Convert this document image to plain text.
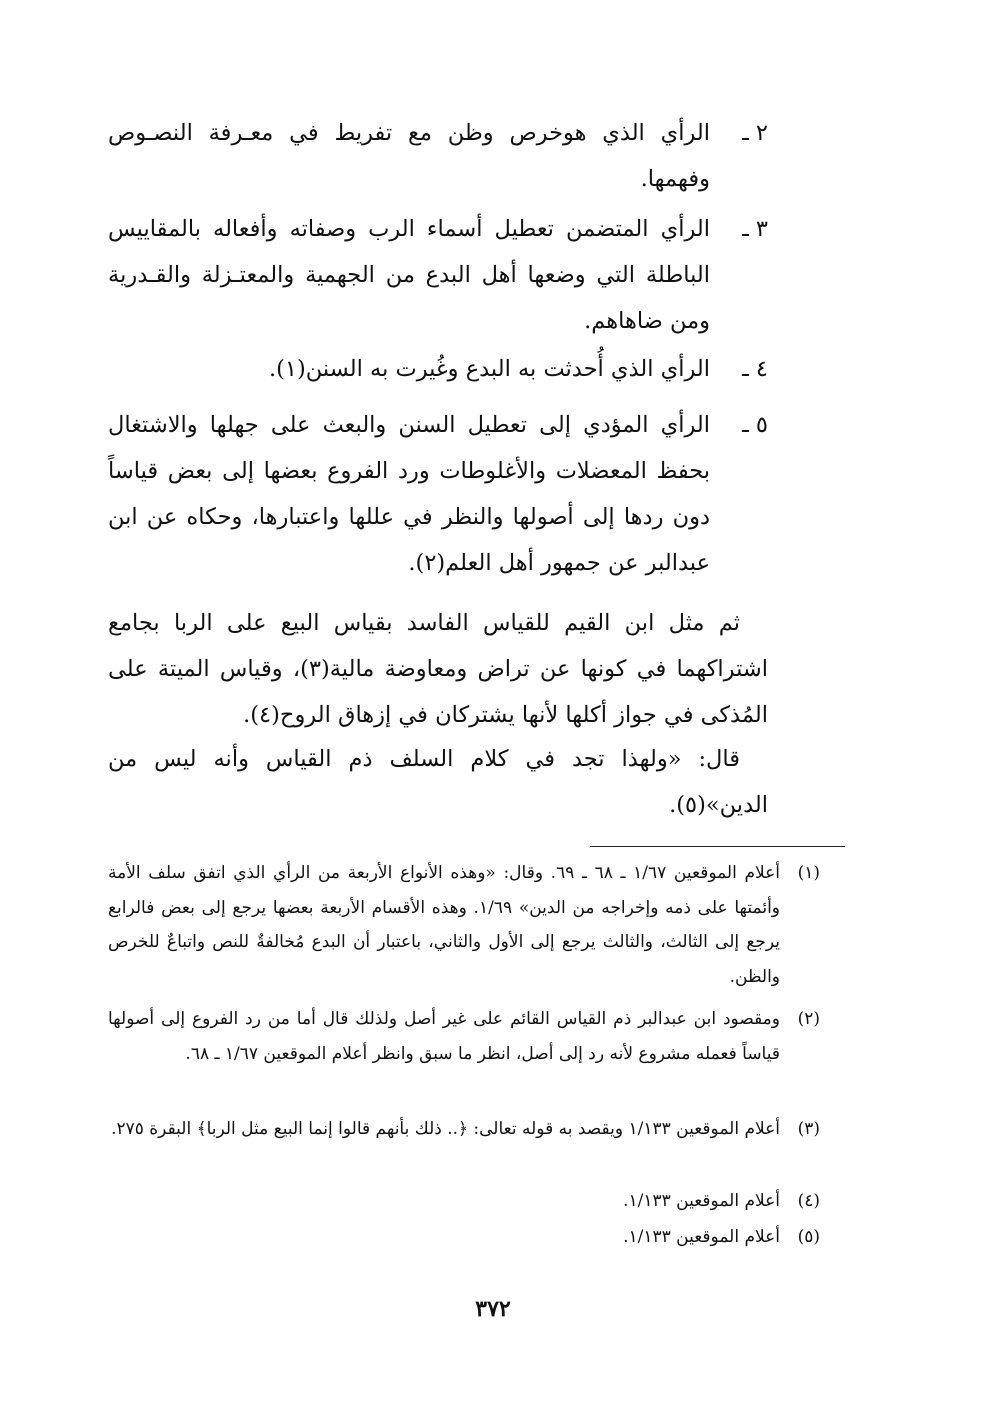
٢ ـ
الرأي الذي هوخرص وظن مع تفريط في معـرفة النصـوص وفهمها.
٣ ـ
الرأي المتضمن تعطيل أسماء الرب وصفاته وأفعاله بالمقاييس الباطلة التي وضعها أهل البدع من الجهمية والمعتـزلة والقـدرية ومن ضاهاهم.
٤ ـ
الرأي الذي أُحدثت به البدع وغُيرت به السنن(١).
٥ ـ
الرأي المؤدي إلى تعطيل السنن والبعث على جهلها والاشتغال بحفظ المعضلات والأغلوطات ورد الفروع بعضها إلى بعض قياساً دون ردها إلى أصولها والنظر في عللها واعتبارها، وحكاه عن ابن عبدالبر عن جمهور أهل العلم(٢).

ثم مثل ابن القيم للقياس الفاسد بقياس البيع على الربا بجامع اشتراكهما في كونها عن تراض ومعاوضة مالية(٣)، وقياس الميتة على المُذكى في جواز أكلها لأنها يشتركان في إزهاق الروح(٤).

قال: «ولهذا تجد في كلام السلف ذم القياس وأنه ليس من الدين»(٥).

(١)
أعلام الموقعين ١/٦٧ ـ ٦٨ ـ ٦٩. وقال: «وهذه الأنواع الأربعة من الرأي الذي اتفق سلف الأمة وأئمتها على ذمه وإخراجه من الدين» ١/٦٩. وهذه الأقسام الأربعة بعضها يرجع إلى بعض فالرابع يرجع إلى الثالث، والثالث يرجع إلى الأول والثاني، باعتبار أن البدع مُخالفةٌ للنص واتباعٌ للخرص والظن.
(٢)
ومقصود ابن عبدالبر ذم القياس القائم على غير أصل ولذلك قال أما من رد الفروع إلى أصولها قياساً فعمله مشروع لأنه رد إلى أصل، انظر ما سبق وانظر أعلام الموقعين ١/٦٧ ـ ٦٨.
(٣)
أعلام الموقعين ١/١٣٣ ويقصد به قوله تعالى: ﴿.. ذلك بأنهم قالوا إنما البيع مثل الربا﴾ البقرة ٢٧٥.
(٤)
أعلام الموقعين ١/١٣٣.
(٥)
أعلام الموقعين ١/١٣٣.
٣٧٢
